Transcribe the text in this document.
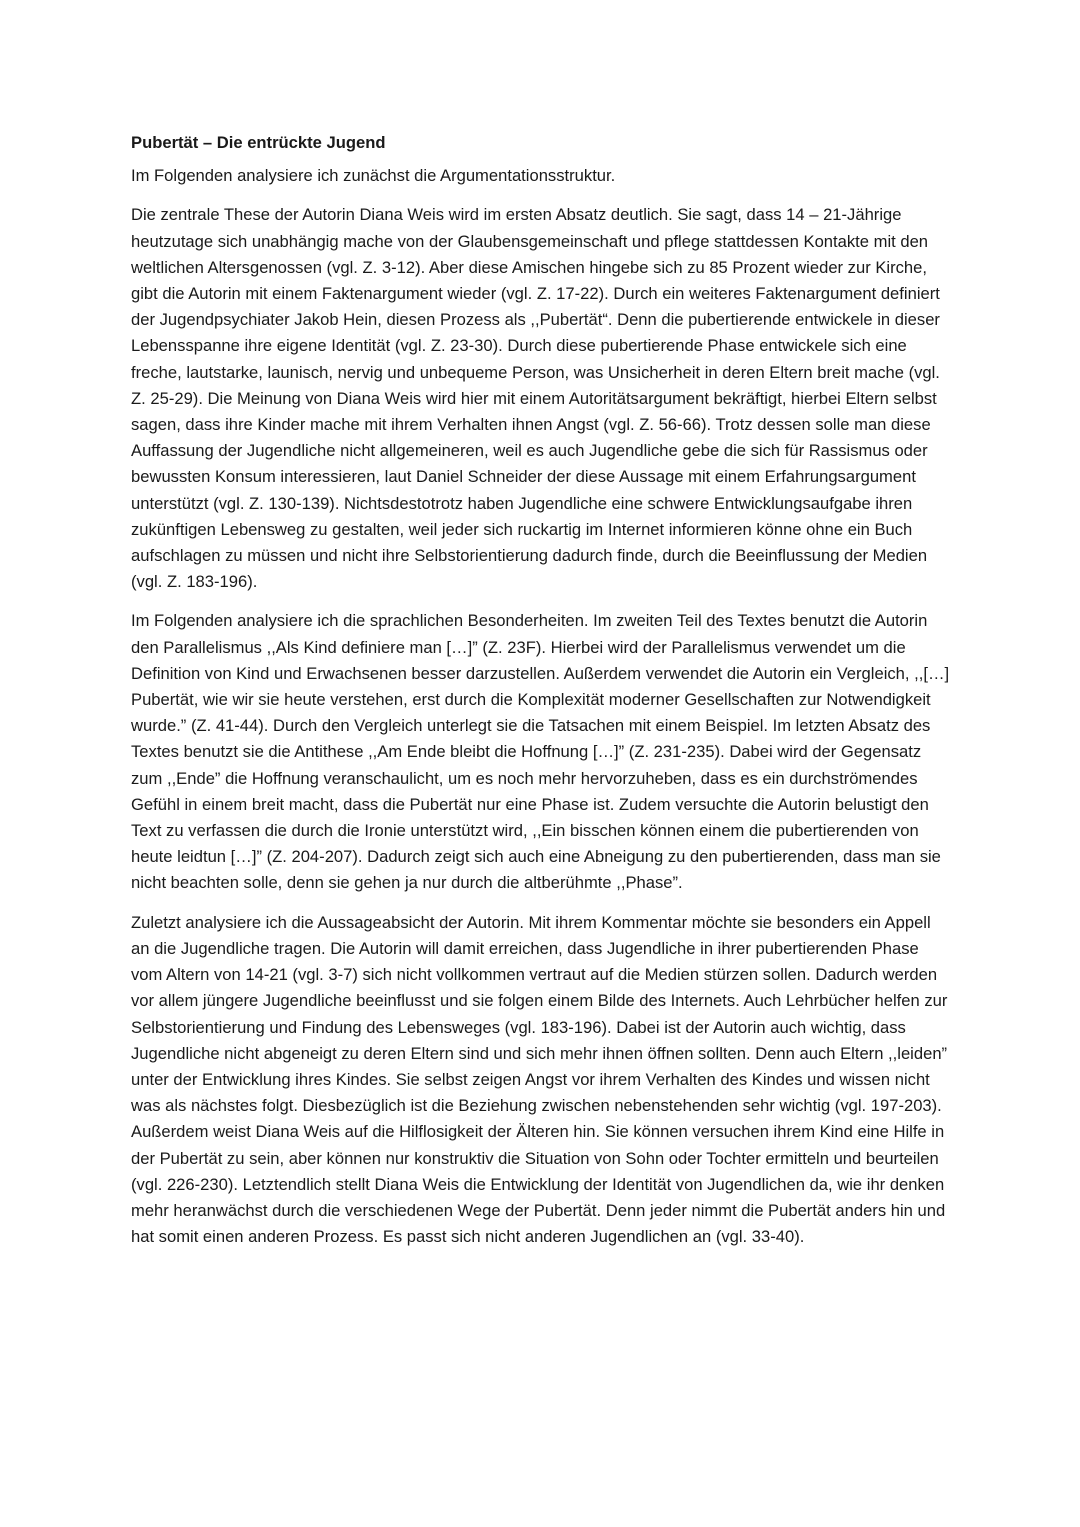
Pubertät – Die entrückte Jugend

Im Folgenden analysiere ich zunächst die Argumentationsstruktur.

Die zentrale These der Autorin Diana Weis wird im ersten Absatz deutlich. Sie sagt, dass 14 – 21-Jährige heutzutage sich unabhängig mache von der Glaubensgemeinschaft und pflege stattdessen Kontakte mit den weltlichen Altersgenossen (vgl. Z. 3-12). Aber diese Amischen hingebe sich zu 85 Prozent wieder zur Kirche, gibt die Autorin mit einem Faktenargument wieder (vgl. Z. 17-22). Durch ein weiteres Faktenargument definiert der Jugendpsychiater Jakob Hein, diesen Prozess als ,,Pubertät“. Denn die pubertierende entwickele in dieser Lebensspanne ihre eigene Identität (vgl. Z. 23-30). Durch diese pubertierende Phase entwickele sich eine freche, lautstarke, launisch, nervig und unbequeme Person, was Unsicherheit in deren Eltern breit mache (vgl. Z. 25-29). Die Meinung von Diana Weis wird hier mit einem Autoritätsargument bekräftigt, hierbei Eltern selbst sagen, dass ihre Kinder mache mit ihrem Verhalten ihnen Angst (vgl. Z. 56-66). Trotz dessen solle man diese Auffassung der Jugendliche nicht allgemeineren, weil es auch Jugendliche gebe die sich für Rassismus oder bewussten Konsum interessieren, laut Daniel Schneider der diese Aussage mit einem Erfahrungsargument unterstützt (vgl. Z. 130-139). Nichtsdestotrotz haben Jugendliche eine schwere Entwicklungsaufgabe ihren zukünftigen Lebensweg zu gestalten, weil jeder sich ruckartig im Internet informieren könne ohne ein Buch aufschlagen zu müssen und nicht ihre Selbstorientierung dadurch finde, durch die Beeinflussung der Medien (vgl. Z. 183-196).

Im Folgenden analysiere ich die sprachlichen Besonderheiten. Im zweiten Teil des Textes benutzt die Autorin den Parallelismus ,,Als Kind definiere man […]” (Z. 23F). Hierbei wird der Parallelismus verwendet um die Definition von Kind und Erwachsenen besser darzustellen. Außerdem verwendet die Autorin ein Vergleich, ,,[…] Pubertät, wie wir sie heute verstehen, erst durch die Komplexität moderner Gesellschaften zur Notwendigkeit wurde.” (Z. 41-44). Durch den Vergleich unterlegt sie die Tatsachen mit einem Beispiel. Im letzten Absatz des Textes benutzt sie die Antithese ,,Am Ende bleibt die Hoffnung […]” (Z. 231-235). Dabei wird der Gegensatz zum ,,Ende” die Hoffnung veranschaulicht, um es noch mehr hervorzuheben, dass es ein durchströmendes Gefühl in einem breit macht, dass die Pubertät nur eine Phase ist. Zudem versuchte die Autorin belustigt den Text zu verfassen die durch die Ironie unterstützt wird, ,,Ein bisschen können einem die pubertierenden von heute leidtun […]” (Z. 204-207). Dadurch zeigt sich auch eine Abneigung zu den pubertierenden, dass man sie nicht beachten solle, denn sie gehen ja nur durch die altberühmte ,,Phase”.

Zuletzt analysiere ich die Aussageabsicht der Autorin. Mit ihrem Kommentar möchte sie besonders ein Appell an die Jugendliche tragen. Die Autorin will damit erreichen, dass Jugendliche in ihrer pubertierenden Phase vom Altern von 14-21 (vgl. 3-7) sich nicht vollkommen vertraut auf die Medien stürzen sollen. Dadurch werden vor allem jüngere Jugendliche beeinflusst und sie folgen einem Bilde des Internets. Auch Lehrbücher helfen zur Selbstorientierung und Findung des Lebensweges (vgl. 183-196). Dabei ist der Autorin auch wichtig, dass Jugendliche nicht abgeneigt zu deren Eltern sind und sich mehr ihnen öffnen sollten. Denn auch Eltern ,,leiden” unter der Entwicklung ihres Kindes. Sie selbst zeigen Angst vor ihrem Verhalten des Kindes und wissen nicht was als nächstes folgt. Diesbezüglich ist die Beziehung zwischen nebenstehenden sehr wichtig (vgl. 197-203). Außerdem weist Diana Weis auf die Hilflosigkeit der Älteren hin. Sie können versuchen ihrem Kind eine Hilfe in der Pubertät zu sein, aber können nur konstruktiv die Situation von Sohn oder Tochter ermitteln und beurteilen (vgl. 226-230). Letztendlich stellt Diana Weis die Entwicklung der Identität von Jugendlichen da, wie ihr denken mehr heranwächst durch die verschiedenen Wege der Pubertät. Denn jeder nimmt die Pubertät anders hin und hat somit einen anderen Prozess. Es passt sich nicht anderen Jugendlichen an (vgl. 33-40).
